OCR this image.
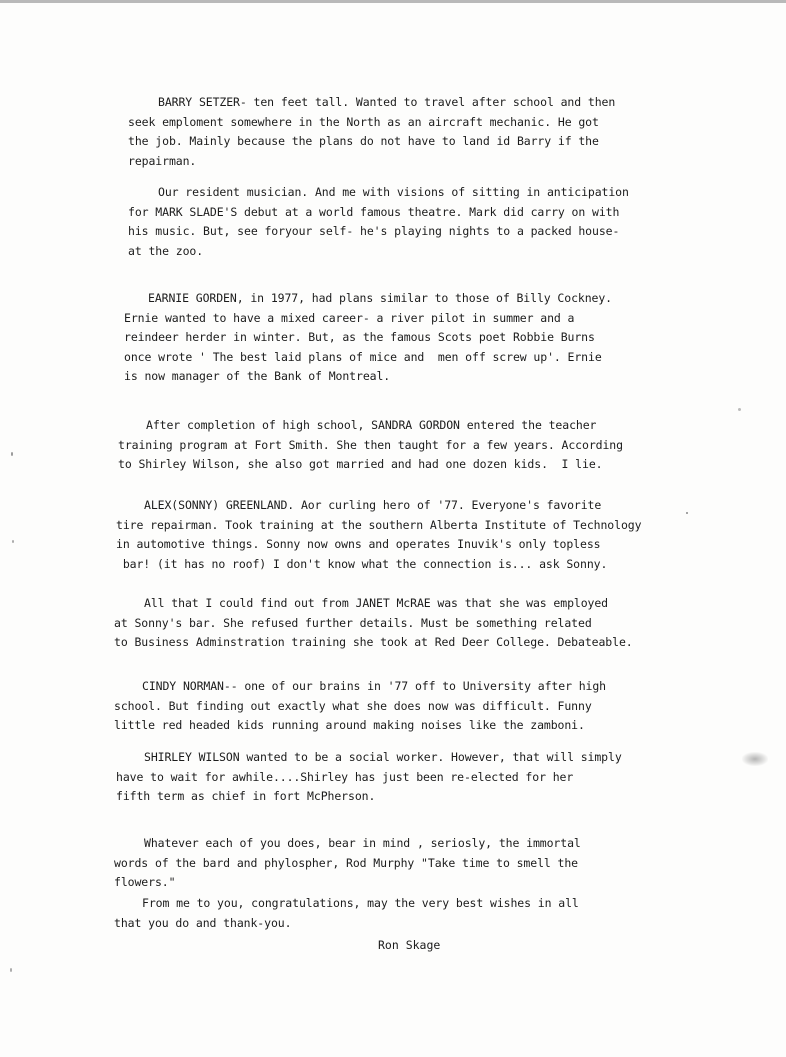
BARRY SETZER- ten feet tall. Wanted to travel after school and then
seek emploment somewhere in the North as an aircraft mechanic. He got
the job. Mainly because the plans do not have to land id Barry if the
repairman.
Our resident musician. And me with visions of sitting in anticipation
for MARK SLADE'S debut at a world famous theatre. Mark did carry on with
his music. But, see foryour self- he's playing nights to a packed house-
at the zoo.
EARNIE GORDEN, in 1977, had plans similar to those of Billy Cockney.
Ernie wanted to have a mixed career- a river pilot in summer and a
reindeer herder in winter. But, as the famous Scots poet Robbie Burns
once wrote ' The best laid plans of mice and  men off screw up'. Ernie
is now manager of the Bank of Montreal.
After completion of high school, SANDRA GORDON entered the teacher
training program at Fort Smith. She then taught for a few years. According
to Shirley Wilson, she also got married and had one dozen kids.  I lie.
ALEX(SONNY) GREENLAND. Aor curling hero of '77. Everyone's favorite
tire repairman. Took training at the southern Alberta Institute of Technology
in automotive things. Sonny now owns and operates Inuvik's only topless
bar! (it has no roof) I don't know what the connection is... ask Sonny.
All that I could find out from JANET McRAE was that she was employed
at Sonny's bar. She refused further details. Must be something related
to Business Adminstration training she took at Red Deer College. Debateable.
CINDY NORMAN-- one of our brains in '77 off to University after high
school. But finding out exactly what she does now was difficult. Funny
little red headed kids running around making noises like the zamboni.
SHIRLEY WILSON wanted to be a social worker. However, that will simply
have to wait for awhile....Shirley has just been re-elected for her
fifth term as chief in fort McPherson.
Whatever each of you does, bear in mind , seriosly, the immortal
words of the bard and phylospher, Rod Murphy "Take time to smell the
flowers."
From me to you, congratulations, may the very best wishes in all
that you do and thank-you.
Ron Skage
